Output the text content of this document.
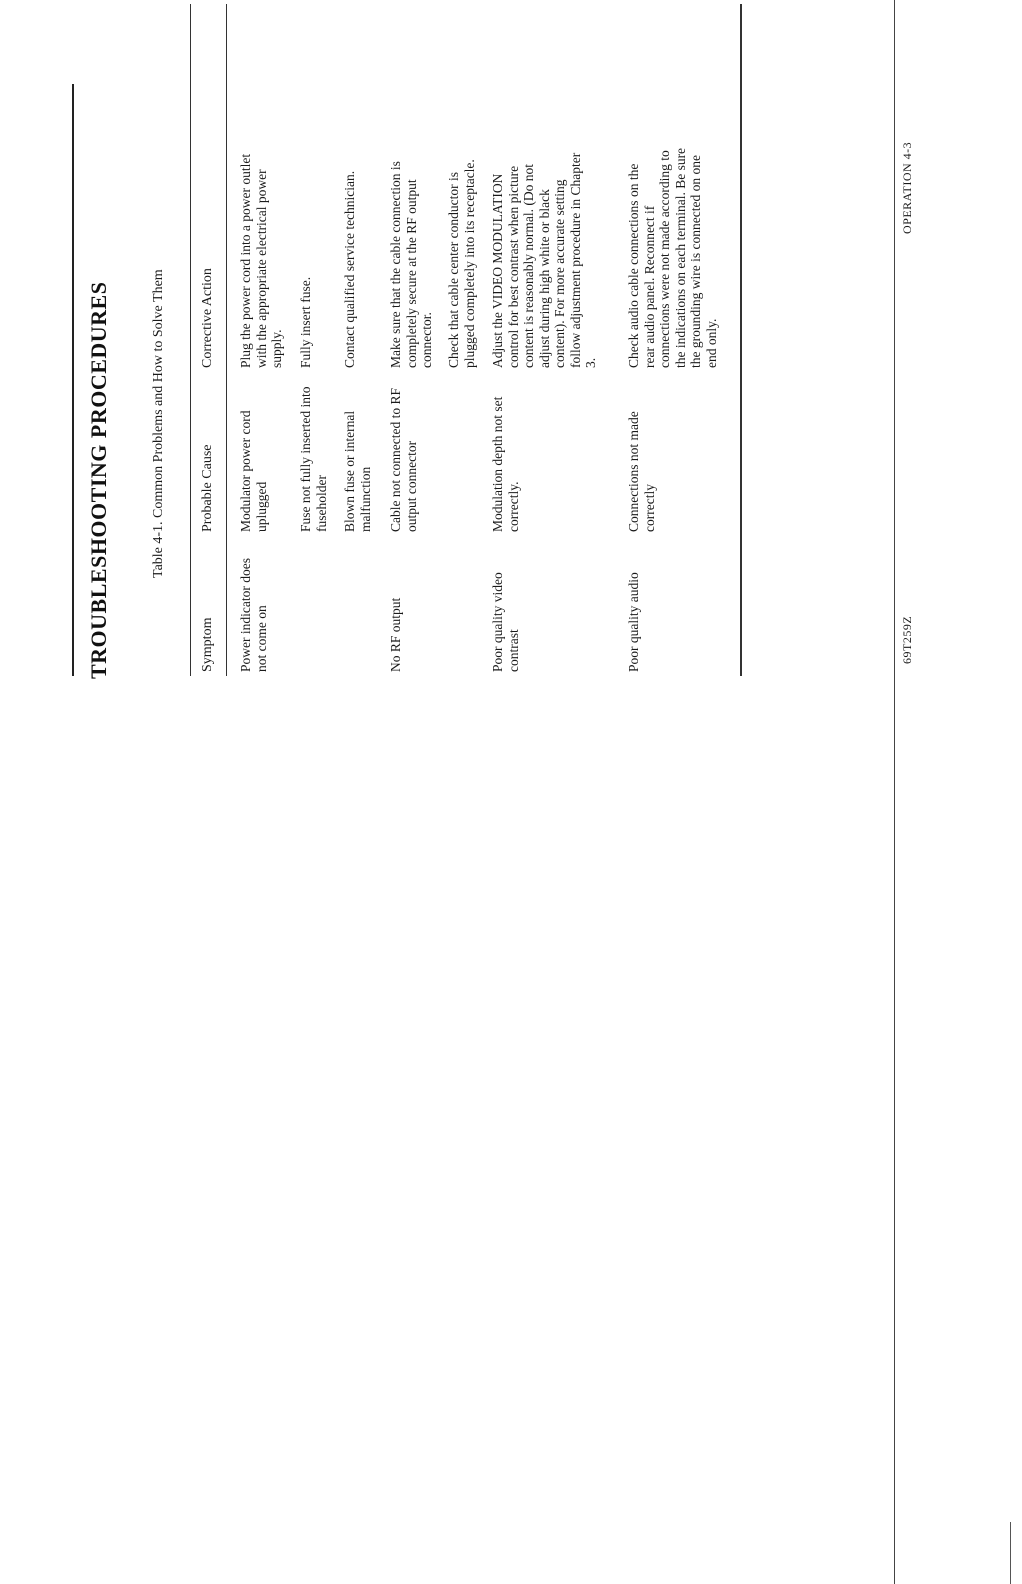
TROUBLESHOOTING PROCEDURES	Table 4-1. Common Problems and How to Solve Them
Symptom
Probable Cause
Corrective Action
Power indicator does not come on
Modulator power cord uplugged
Plug the power cord into a power outlet with the appropriate electrical power supply.
Fuse not fully inserted into fuseholder
Fully insert fuse.
Blown fuse or internal malfunction
Contact qualified service technician.
No RF output
Cable not connected to RF output connector
Make sure that the cable connection is completely secure at the RF output connector. Check that cable center conductor is plugged completely into its receptacle.
Poor quality video contrast
Modulation depth not set correctly.
Adjust the VIDEO MODULATION control for best contrast when picture content is reasonably normal. (Do not adjust during high white or black content). For more accurate setting follow adjustment procedure in Chapter 3.
Poor quality audio
Connections not made correctly
Check audio cable connections on the rear audio panel. Reconnect if connections were not made according to the indications on each terminal. Be sure the grounding wire is connected on one end only.
69T259Z
OPERATION 4-3
